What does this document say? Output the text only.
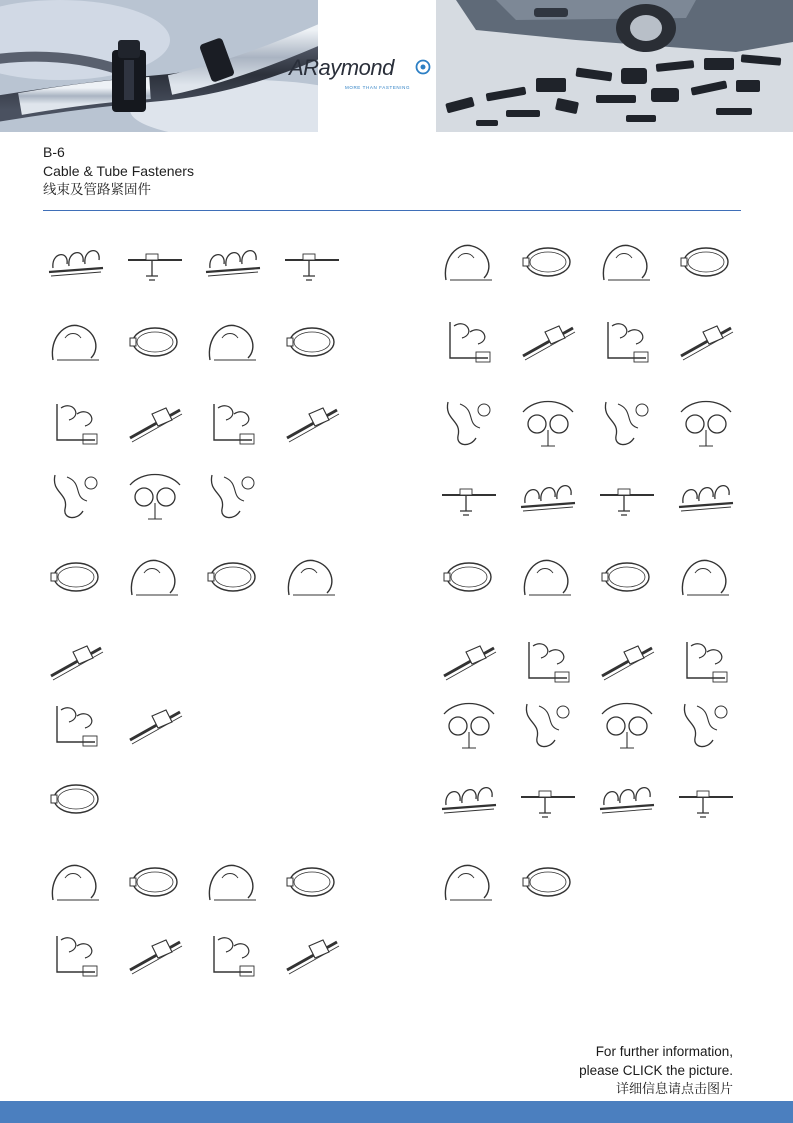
ARaymond
MORE THAN FASTENING
B-6
Cable & Tube Fasteners
线束及管路紧固件
For further information,
please CLICK the picture.
详细信息请点击图片
